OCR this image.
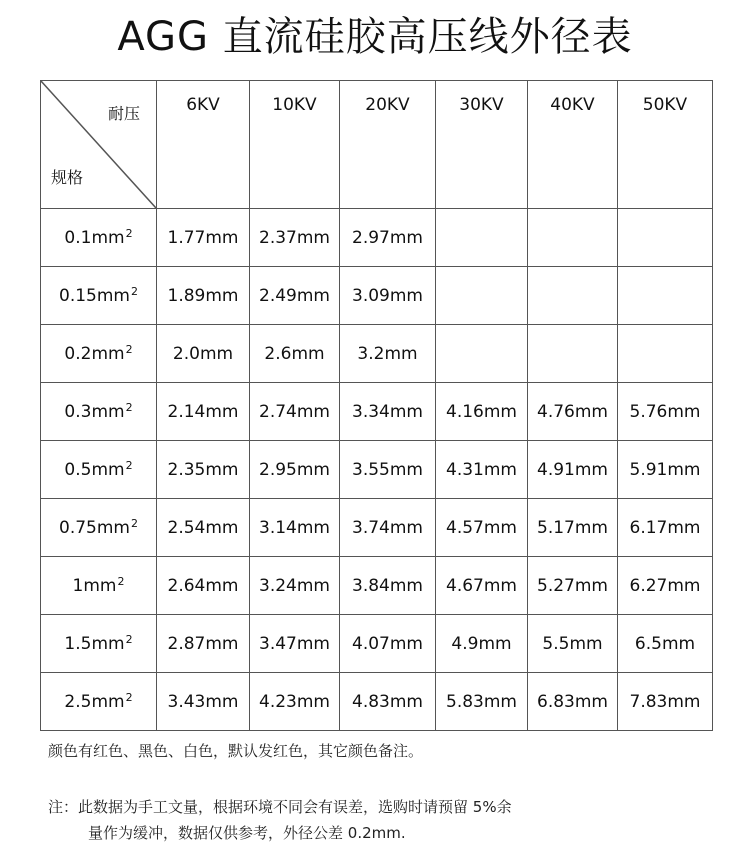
AGG 直流硅胶高压线外径表
耐压
规格	6KV	10KV	20KV	30KV	40KV	50KV
$0.1mm^2$	1.77mm	2.37mm	2.97mm			
$0.15mm^2$	1.89mm	2.49mm	3.09mm			
$0.2mm^2$	2.0mm	2.6mm	3.2mm			
$0.3mm^2$	2.14mm	2.74mm	3.34mm	4.16mm	4.76mm	5.76mm
$0.5mm^2$	2.35mm	2.95mm	3.55mm	4.31mm	4.91mm	5.91mm
$0.75mm^2$	2.54mm	3.14mm	3.74mm	4.57mm	5.17mm	6.17mm
$1mm^2$	2.64mm	3.24mm	3.84mm	4.67mm	5.27mm	6.27mm
$1.5mm^2$	2.87mm	3.47mm	4.07mm	4.9mm	5.5mm	6.5mm
$2.5mm^2$	3.43mm	4.23mm	4.83mm	5.83mm	6.83mm	7.83mm
颜色有红色、黑色、白色，默认发红色，其它颜色备注。
注：此数据为手工文量，根据环境不同会有误差，选购时请预留 5%余
量作为缓冲，数据仅供参考，外径公差 0.2mm.
